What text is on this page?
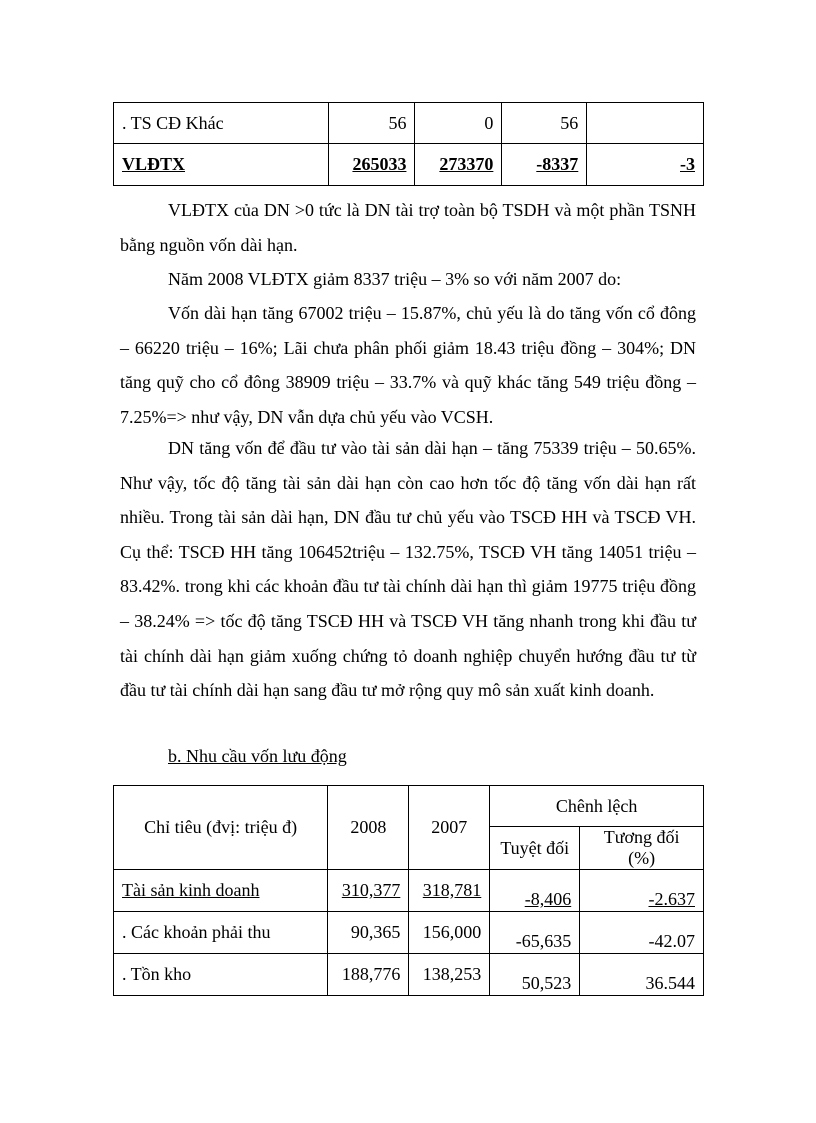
. TS CĐ Khác	56	0	56	
VLĐTX	265033	273370	-8337	-3

VLĐTX của DN >0 tức là DN tài trợ toàn bộ TSDH và một phần TSNH bằng nguồn vốn dài hạn.

Năm 2008 VLĐTX giảm 8337 triệu – 3% so với năm 2007 do:

Vốn dài hạn tăng 67002 triệu – 15.87%, chủ yếu là do tăng vốn cổ đông – 66220 triệu – 16%; Lãi chưa phân phối giảm 18.43 triệu đồng – 304%; DN tăng quỹ cho cổ đông 38909 triệu – 33.7% và quỹ khác tăng 549 triệu đồng – 7.25%=> như vậy, DN vẫn dựa chủ yếu vào VCSH.

DN tăng vốn để đầu tư vào tài sản dài hạn – tăng 75339 triệu – 50.65%. Như vậy, tốc độ tăng tài sản dài hạn còn cao hơn tốc độ tăng vốn dài hạn rất nhiều. Trong tài sản dài hạn, DN đầu tư chủ yếu vào TSCĐ HH và TSCĐ VH. Cụ thể: TSCĐ HH tăng 106452triệu – 132.75%, TSCĐ VH tăng 14051 triệu – 83.42%. trong khi các khoản đầu tư tài chính dài hạn thì giảm 19775 triệu đồng – 38.24% => tốc độ tăng TSCĐ HH và TSCĐ VH tăng nhanh trong khi đầu tư tài chính dài hạn giảm xuống chứng tỏ doanh nghiệp chuyển hướng đầu tư từ đầu tư tài chính dài hạn sang đầu tư mở rộng quy mô sản xuất kinh doanh.

b. Nhu cầu vốn lưu động

Chỉ tiêu (đvị: triệu đ)	2008	2007	Chênh lệch	
			Tuyệt đối	Tương đối (%)
Tài sản kinh doanh	310,377	318,781	-8,406	-2.637
. Các khoản phải thu	90,365	156,000	-65,635	-42.07
. Tồn kho	188,776	138,253	50,523	36.544
